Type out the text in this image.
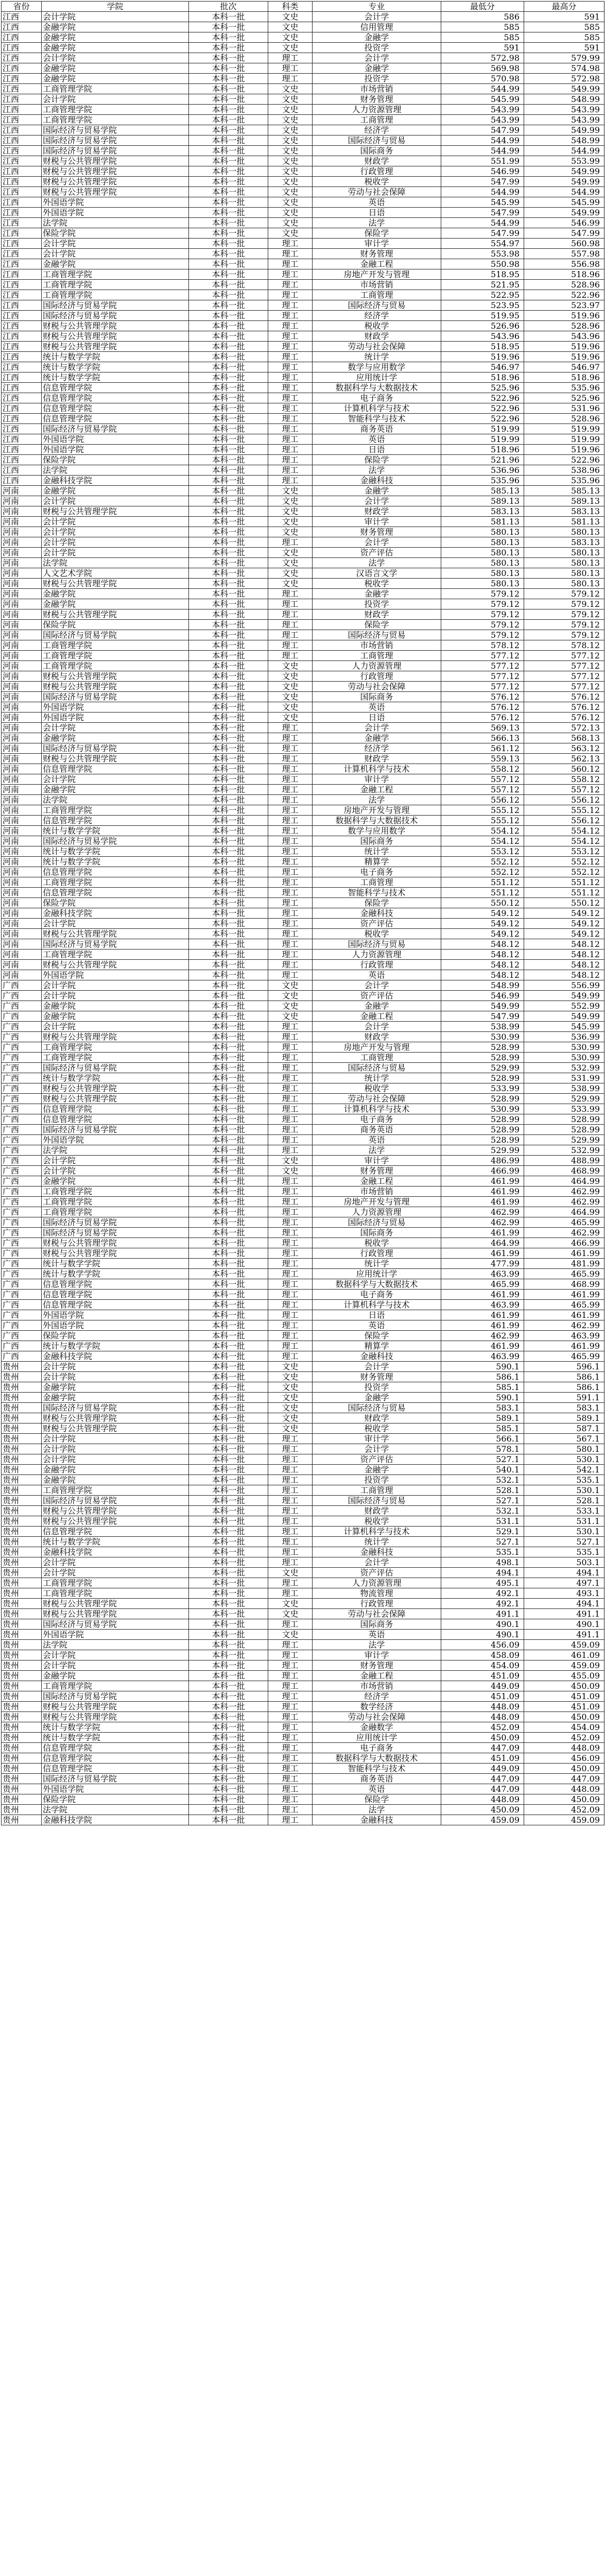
省份	学院	批次	科类	专业	最低分	最高分
江西	会计学院	本科一批	文史	会计学	586	591
江西	金融学院	本科一批	文史	信用管理	585	585
江西	金融学院	本科一批	文史	金融学	585	585
江西	金融学院	本科一批	文史	投资学	591	591
江西	会计学院	本科一批	理工	会计学	572.98	579.99
江西	金融学院	本科一批	理工	金融学	569.98	574.98
江西	金融学院	本科一批	理工	投资学	570.98	572.98
江西	工商管理学院	本科一批	文史	市场营销	544.99	549.99
江西	会计学院	本科一批	文史	财务管理	545.99	548.99
江西	工商管理学院	本科一批	文史	人力资源管理	543.99	543.99
江西	工商管理学院	本科一批	文史	工商管理	543.99	543.99
江西	国际经济与贸易学院	本科一批	文史	经济学	547.99	549.99
江西	国际经济与贸易学院	本科一批	文史	国际经济与贸易	544.99	548.99
江西	国际经济与贸易学院	本科一批	文史	国际商务	544.99	544.99
江西	财税与公共管理学院	本科一批	文史	财政学	551.99	553.99
江西	财税与公共管理学院	本科一批	文史	行政管理	546.99	549.99
江西	财税与公共管理学院	本科一批	文史	税收学	547.99	549.99
江西	财税与公共管理学院	本科一批	文史	劳动与社会保障	544.99	544.99
江西	外国语学院	本科一批	文史	英语	545.99	545.99
江西	外国语学院	本科一批	文史	日语	547.99	549.99
江西	法学院	本科一批	文史	法学	544.99	546.99
江西	保险学院	本科一批	文史	保险学	547.99	547.99
江西	会计学院	本科一批	理工	审计学	554.97	560.98
江西	会计学院	本科一批	理工	财务管理	553.98	557.98
江西	金融学院	本科一批	理工	金融工程	550.98	556.98
江西	工商管理学院	本科一批	理工	房地产开发与管理	518.95	518.96
江西	工商管理学院	本科一批	理工	市场营销	521.95	528.96
江西	工商管理学院	本科一批	理工	工商管理	522.95	522.96
江西	国际经济与贸易学院	本科一批	理工	国际经济与贸易	523.95	523.97
江西	国际经济与贸易学院	本科一批	理工	经济学	519.95	519.96
江西	财税与公共管理学院	本科一批	理工	税收学	526.96	528.96
江西	财税与公共管理学院	本科一批	理工	财政学	543.96	543.96
江西	财税与公共管理学院	本科一批	理工	劳动与社会保障	518.95	519.96
江西	统计与数学学院	本科一批	理工	统计学	519.96	519.96
江西	统计与数学学院	本科一批	理工	数学与应用数学	546.97	546.97
江西	统计与数学学院	本科一批	理工	应用统计学	518.96	518.96
江西	信息管理学院	本科一批	理工	数据科学与大数据技术	525.96	535.96
江西	信息管理学院	本科一批	理工	电子商务	522.96	525.96
江西	信息管理学院	本科一批	理工	计算机科学与技术	522.96	531.96
江西	信息管理学院	本科一批	理工	智能科学与技术	522.96	528.96
江西	国际经济与贸易学院	本科一批	理工	商务英语	519.99	519.99
江西	外国语学院	本科一批	理工	英语	519.99	519.99
江西	外国语学院	本科一批	理工	日语	518.96	519.96
江西	保险学院	本科一批	理工	保险学	521.96	522.96
江西	法学院	本科一批	理工	法学	536.96	538.96
江西	金融科技学院	本科一批	理工	金融科技	535.96	535.96
河南	金融学院	本科一批	文史	金融学	585.13	585.13
河南	会计学院	本科一批	文史	会计学	589.13	589.13
河南	财税与公共管理学院	本科一批	文史	财政学	583.13	583.13
河南	会计学院	本科一批	文史	审计学	581.13	581.13
河南	会计学院	本科一批	文史	财务管理	580.13	580.13
河南	会计学院	本科一批	理工	会计学	580.13	583.13
河南	会计学院	本科一批	文史	资产评估	580.13	580.13
河南	法学院	本科一批	文史	法学	580.13	580.13
河南	人文艺术学院	本科一批	文史	汉语言文学	580.13	580.13
河南	财税与公共管理学院	本科一批	文史	税收学	580.13	580.13
河南	金融学院	本科一批	理工	金融学	579.12	579.12
河南	金融学院	本科一批	理工	投资学	579.12	579.12
河南	财税与公共管理学院	本科一批	理工	财政学	579.12	579.12
河南	保险学院	本科一批	理工	保险学	579.12	579.12
河南	国际经济与贸易学院	本科一批	理工	国际经济与贸易	579.12	579.12
河南	工商管理学院	本科一批	理工	市场营销	578.12	578.12
河南	工商管理学院	本科一批	理工	工商管理	577.12	577.12
河南	工商管理学院	本科一批	文史	人力资源管理	577.12	577.12
河南	财税与公共管理学院	本科一批	文史	行政管理	577.12	577.12
河南	财税与公共管理学院	本科一批	文史	劳动与社会保障	577.12	577.12
河南	国际经济与贸易学院	本科一批	文史	国际商务	576.12	576.12
河南	外国语学院	本科一批	文史	英语	576.12	576.12
河南	外国语学院	本科一批	文史	日语	576.12	576.12
河南	会计学院	本科一批	理工	会计学	569.13	572.13
河南	金融学院	本科一批	理工	金融学	566.13	568.13
河南	国际经济与贸易学院	本科一批	理工	经济学	561.12	563.12
河南	财税与公共管理学院	本科一批	理工	财政学	559.13	562.13
河南	信息管理学院	本科一批	理工	计算机科学与技术	558.12	560.12
河南	会计学院	本科一批	理工	审计学	557.12	558.12
河南	金融学院	本科一批	理工	金融工程	557.12	557.12
河南	法学院	本科一批	理工	法学	556.12	556.12
河南	工商管理学院	本科一批	理工	房地产开发与管理	555.12	555.12
河南	信息管理学院	本科一批	理工	数据科学与大数据技术	555.12	556.12
河南	统计与数学学院	本科一批	理工	数学与应用数学	554.12	554.12
河南	国际经济与贸易学院	本科一批	理工	国际商务	554.12	554.12
河南	统计与数学学院	本科一批	理工	统计学	553.12	553.12
河南	统计与数学学院	本科一批	理工	精算学	552.12	552.12
河南	信息管理学院	本科一批	理工	电子商务	552.12	552.12
河南	工商管理学院	本科一批	理工	工商管理	551.12	551.12
河南	信息管理学院	本科一批	理工	智能科学与技术	551.12	551.12
河南	保险学院	本科一批	理工	保险学	550.12	550.12
河南	金融科技学院	本科一批	理工	金融科技	549.12	549.12
河南	会计学院	本科一批	理工	资产评估	549.12	549.12
河南	财税与公共管理学院	本科一批	理工	税收学	549.12	549.12
河南	国际经济与贸易学院	本科一批	理工	国际经济与贸易	548.12	548.12
河南	工商管理学院	本科一批	理工	人力资源管理	548.12	548.12
河南	财税与公共管理学院	本科一批	理工	行政管理	548.12	548.12
河南	外国语学院	本科一批	理工	英语	548.12	548.12
广西	会计学院	本科一批	文史	会计学	548.99	556.99
广西	会计学院	本科一批	文史	资产评估	546.99	549.99
广西	金融学院	本科一批	文史	金融学	549.99	552.99
广西	金融学院	本科一批	文史	金融工程	547.99	549.99
广西	会计学院	本科一批	理工	会计学	538.99	545.99
广西	财税与公共管理学院	本科一批	理工	财政学	530.99	536.99
广西	工商管理学院	本科一批	理工	房地产开发与管理	528.99	530.99
广西	工商管理学院	本科一批	理工	工商管理	528.99	530.99
广西	国际经济与贸易学院	本科一批	理工	国际经济与贸易	529.99	532.99
广西	统计与数学学院	本科一批	理工	统计学	528.99	531.99
广西	财税与公共管理学院	本科一批	理工	税收学	533.99	538.99
广西	财税与公共管理学院	本科一批	理工	劳动与社会保障	528.99	529.99
广西	信息管理学院	本科一批	理工	计算机科学与技术	530.99	533.99
广西	信息管理学院	本科一批	理工	电子商务	528.99	528.99
广西	国际经济与贸易学院	本科一批	理工	商务英语	528.99	528.99
广西	外国语学院	本科一批	理工	英语	528.99	529.99
广西	法学院	本科一批	理工	法学	529.99	532.99
广西	会计学院	本科一批	文史	审计学	486.99	488.99
广西	会计学院	本科一批	文史	财务管理	466.99	468.99
广西	金融学院	本科一批	理工	金融工程	461.99	464.99
广西	工商管理学院	本科一批	理工	市场营销	461.99	462.99
广西	工商管理学院	本科一批	理工	房地产开发与管理	461.99	462.99
广西	工商管理学院	本科一批	理工	人力资源管理	462.99	464.99
广西	国际经济与贸易学院	本科一批	理工	国际经济与贸易	462.99	465.99
广西	国际经济与贸易学院	本科一批	理工	国际商务	461.99	462.99
广西	财税与公共管理学院	本科一批	理工	税收学	464.99	466.99
广西	财税与公共管理学院	本科一批	理工	行政管理	461.99	461.99
广西	统计与数学学院	本科一批	理工	统计学	477.99	481.99
广西	统计与数学学院	本科一批	理工	应用统计学	463.99	465.99
广西	信息管理学院	本科一批	理工	数据科学与大数据技术	465.99	468.99
广西	信息管理学院	本科一批	理工	电子商务	461.99	461.99
广西	信息管理学院	本科一批	理工	计算机科学与技术	463.99	465.99
广西	外国语学院	本科一批	理工	日语	461.99	461.99
广西	外国语学院	本科一批	理工	英语	461.99	462.99
广西	保险学院	本科一批	理工	保险学	462.99	463.99
广西	统计与数学学院	本科一批	理工	精算学	461.99	461.99
广西	金融科技学院	本科一批	理工	金融科技	463.99	465.99
贵州	会计学院	本科一批	文史	会计学	590.1	596.1
贵州	会计学院	本科一批	文史	财务管理	586.1	586.1
贵州	金融学院	本科一批	文史	投资学	585.1	586.1
贵州	金融学院	本科一批	文史	金融学	590.1	591.1
贵州	国际经济与贸易学院	本科一批	文史	国际经济与贸易	583.1	583.1
贵州	财税与公共管理学院	本科一批	文史	财政学	589.1	589.1
贵州	财税与公共管理学院	本科一批	文史	税收学	585.1	587.1
贵州	会计学院	本科一批	理工	审计学	566.1	567.1
贵州	会计学院	本科一批	理工	会计学	578.1	580.1
贵州	会计学院	本科一批	理工	资产评估	527.1	530.1
贵州	金融学院	本科一批	理工	金融学	540.1	542.1
贵州	金融学院	本科一批	理工	投资学	532.1	535.1
贵州	工商管理学院	本科一批	理工	工商管理	528.1	530.1
贵州	国际经济与贸易学院	本科一批	理工	国际经济与贸易	527.1	528.1
贵州	财税与公共管理学院	本科一批	理工	财政学	532.1	533.1
贵州	财税与公共管理学院	本科一批	理工	税收学	531.1	531.1
贵州	信息管理学院	本科一批	理工	计算机科学与技术	529.1	530.1
贵州	统计与数学学院	本科一批	理工	统计学	527.1	527.1
贵州	金融科技学院	本科一批	理工	金融科技	535.1	535.1
贵州	会计学院	本科一批	理工	会计学	498.1	503.1
贵州	会计学院	本科一批	文史	资产评估	494.1	494.1
贵州	工商管理学院	本科一批	理工	人力资源管理	495.1	497.1
贵州	工商管理学院	本科一批	理工	物流管理	492.1	493.1
贵州	财税与公共管理学院	本科一批	文史	行政管理	492.1	494.1
贵州	财税与公共管理学院	本科一批	文史	劳动与社会保障	491.1	491.1
贵州	国际经济与贸易学院	本科一批	理工	国际商务	490.1	490.1
贵州	外国语学院	本科一批	文史	英语	490.1	491.1
贵州	法学院	本科一批	理工	法学	456.09	459.09
贵州	会计学院	本科一批	理工	审计学	458.09	461.09
贵州	会计学院	本科一批	理工	财务管理	454.09	459.09
贵州	金融学院	本科一批	理工	金融工程	451.09	455.09
贵州	工商管理学院	本科一批	理工	市场营销	449.09	450.09
贵州	国际经济与贸易学院	本科一批	理工	经济学	451.09	451.09
贵州	财税与公共管理学院	本科一批	理工	数学经济	448.09	451.09
贵州	财税与公共管理学院	本科一批	理工	劳动与社会保障	448.09	450.09
贵州	统计与数学学院	本科一批	理工	金融数学	452.09	454.09
贵州	统计与数学学院	本科一批	理工	应用统计学	450.09	452.09
贵州	信息管理学院	本科一批	理工	电子商务	447.09	448.09
贵州	信息管理学院	本科一批	理工	数据科学与大数据技术	451.09	456.09
贵州	信息管理学院	本科一批	理工	智能科学与技术	449.09	450.09
贵州	国际经济与贸易学院	本科一批	理工	商务英语	447.09	447.09
贵州	外国语学院	本科一批	理工	英语	447.09	448.09
贵州	保险学院	本科一批	理工	保险学	448.09	450.09
贵州	法学院	本科一批	理工	法学	450.09	452.09
贵州	金融科技学院	本科一批	理工	金融科技	459.09	459.09
